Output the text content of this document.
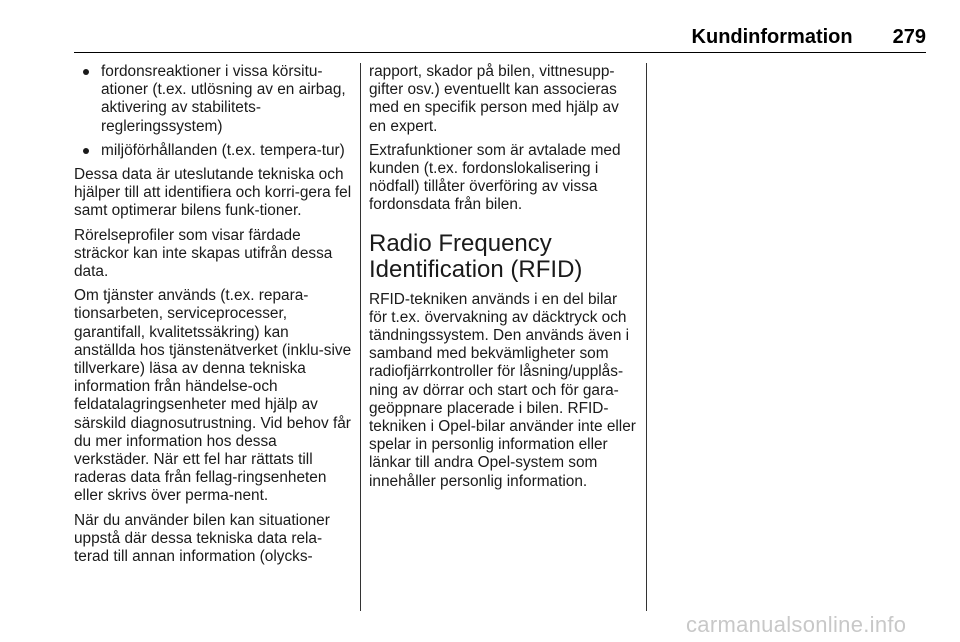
Kundinformation 279
fordonsreaktioner i vissa körsitu-ationer (t.ex. utlösning av en airbag, aktivering av stabilitets-regleringssystem)
miljöförhållanden (t.ex. tempera-tur)

Dessa data är uteslutande tekniska och hjälper till att identifiera och korri-gera fel samt optimerar bilens funk-tioner.

Rörelseprofiler som visar färdade sträckor kan inte skapas utifrån dessa data.

Om tjänster används (t.ex. repara-tionsarbeten, serviceprocesser, garantifall, kvalitetssäkring) kan anställda hos tjänstenätverket (inklu-sive tillverkare) läsa av denna tekniska information från händelse-och feldatalagringsenheter med hjälp av särskild diagnosutrustning. Vid behov får du mer information hos dessa verkstäder. När ett fel har rättats till raderas data från fellag-ringsenheten eller skrivs över perma-nent.

När du använder bilen kan situationer uppstå där dessa tekniska data rela-terad till annan information (olycks-

rapport, skador på bilen, vittnesupp-gifter osv.) eventuellt kan associeras med en specifik person med hjälp av en expert.

Extrafunktioner som är avtalade med kunden (t.ex. fordonslokalisering i nödfall) tillåter överföring av vissa fordonsdata från bilen.

Radio Frequency Identification (RFID)

RFID-tekniken används i en del bilar för t.ex. övervakning av däcktryck och tändningssystem. Den används även i samband med bekvämligheter som radiofjärrkontroller för låsning/upplås-ning av dörrar och start och för gara-geöppnare placerade i bilen. RFID-tekniken i Opel-bilar använder inte eller spelar in personlig information eller länkar till andra Opel-system som innehåller personlig information.

carmanualsonline.info
